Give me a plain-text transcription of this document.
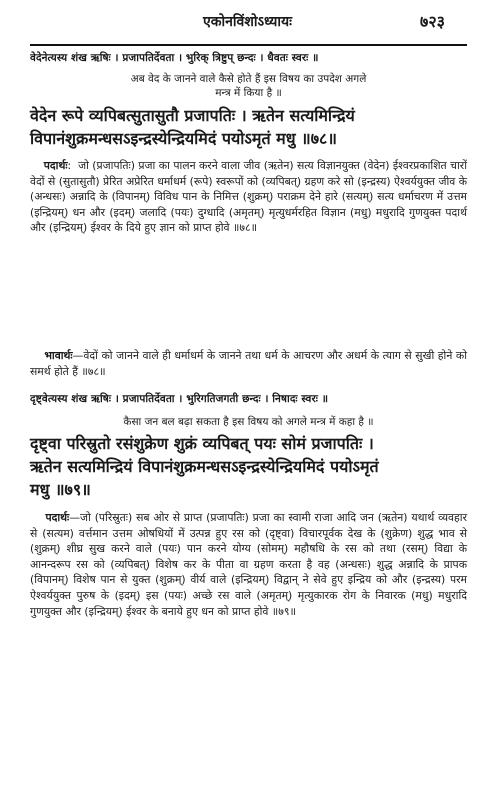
एकोनविंशोऽध्यायः	७२३
वेदेनेत्यस्य शंख ऋषिः । प्रजापतिर्देवता । भुरिक् त्रिष्टुप् छन्दः । धैवतः स्वरः ॥
अब वेद के जानने वाले कैसे होते हैं इस विषय का उपदेश अगले
मन्त्र में किया है ॥
वेदेन रूपे व्यपिबत्सुतासुतौ प्रजापतिः । ऋतेन सत्यमिन्द्रियं
विपानंशुक्रमन्धसऽइन्द्रस्येन्द्रियमिदं पयोऽमृतं मधु ॥७८॥
पदार्थः:  जो (प्रजापतिः) प्रजा का पालन करने वाला जीव (ऋतेन) सत्य विज्ञानयुक्त (वेदेन) ईश्वरप्रकाशित चारों वेदों से (सुतासुतौ) प्रेरित अप्रेरित धर्माधर्म (रूपे) स्वरूपों को (व्यपिबत्) ग्रहण करे सो (इन्द्रस्य) ऐश्वर्ययुक्त जीव के (अन्धसः) अन्नादि के (विपानम्) विविध पान के निमित्त (शुक्रम्) पराक्रम देने हारे (सत्यम्) सत्य धर्माचरण में उत्तम (इन्द्रियम्) धन और (इदम्) जलादि (पयः) दुग्धादि (अमृतम्) मृत्युधर्मरहित विज्ञान (मधु) मधुरादि गुणयुक्त पदार्थ और (इन्द्रियम्) ईश्वर के दिये हुए ज्ञान को प्राप्त होवे ॥७८॥
भावार्थः—वेदों को जानने वाले ही धर्माधर्म के जानने तथा धर्म के आचरण और अधर्म के त्याग से सुखी होने को समर्थ होते हैं ॥७८॥
दृष्ट्वेत्यस्य शंख ऋषिः । प्रजापतिर्देवता । भुरिगतिजगती छन्दः । निषादः स्वरः ॥
कैसा जन बल बढ़ा सकता है इस विषय को अगले मन्त्र में कहा है ॥
दृष्ट्वा परिस्रुतो रसंशुक्रेण शुक्रं व्यपिबत् पयः सोमं प्रजापतिः ।
ऋतेन सत्यमिन्द्रियं विपानंशुक्रमन्धसऽइन्द्रस्येन्द्रियमिदं पयोऽमृतं
मधु ॥७९॥
पदार्थः—जो (परिस्रुतः) सब ओर से प्राप्त (प्रजापतिः) प्रजा का स्वामी राजा आदि जन (ऋतेन) यथार्थ व्यवहार से (सत्यम) वर्त्तमान उत्तम ओषधियों में उत्पन्न हुए रस को (दृष्ट्वा) विचारपूर्वक देख के (शुक्रेण) शुद्ध भाव से (शुक्रम्) शीघ्र सुख करने वाले (पयः) पान करने योग्य (सोमम्) महौषधि के रस को तथा (रसम्) विद्या के आनन्दरूप रस को (व्यपिबत्) विशेष कर के पीता वा ग्रहण करता है वह (अन्धसः) शुद्ध अन्नादि के प्रापक (विपानम्) विशेष पान से युक्त (शुक्रम्) वीर्य वाले (इन्द्रियम्) विद्वान् ने सेवे हुए इन्द्रिय को और (इन्द्रस्य) परम ऐश्वर्ययुक्त पुरुष के (इदम्) इस (पयः) अच्छे रस वाले (अमृतम्) मृत्युकारक रोग के निवारक (मधु) मधुरादि गुणयुक्त और (इन्द्रियम्) ईश्वर के बनाये हुए धन को प्राप्त होवे ॥७९॥
